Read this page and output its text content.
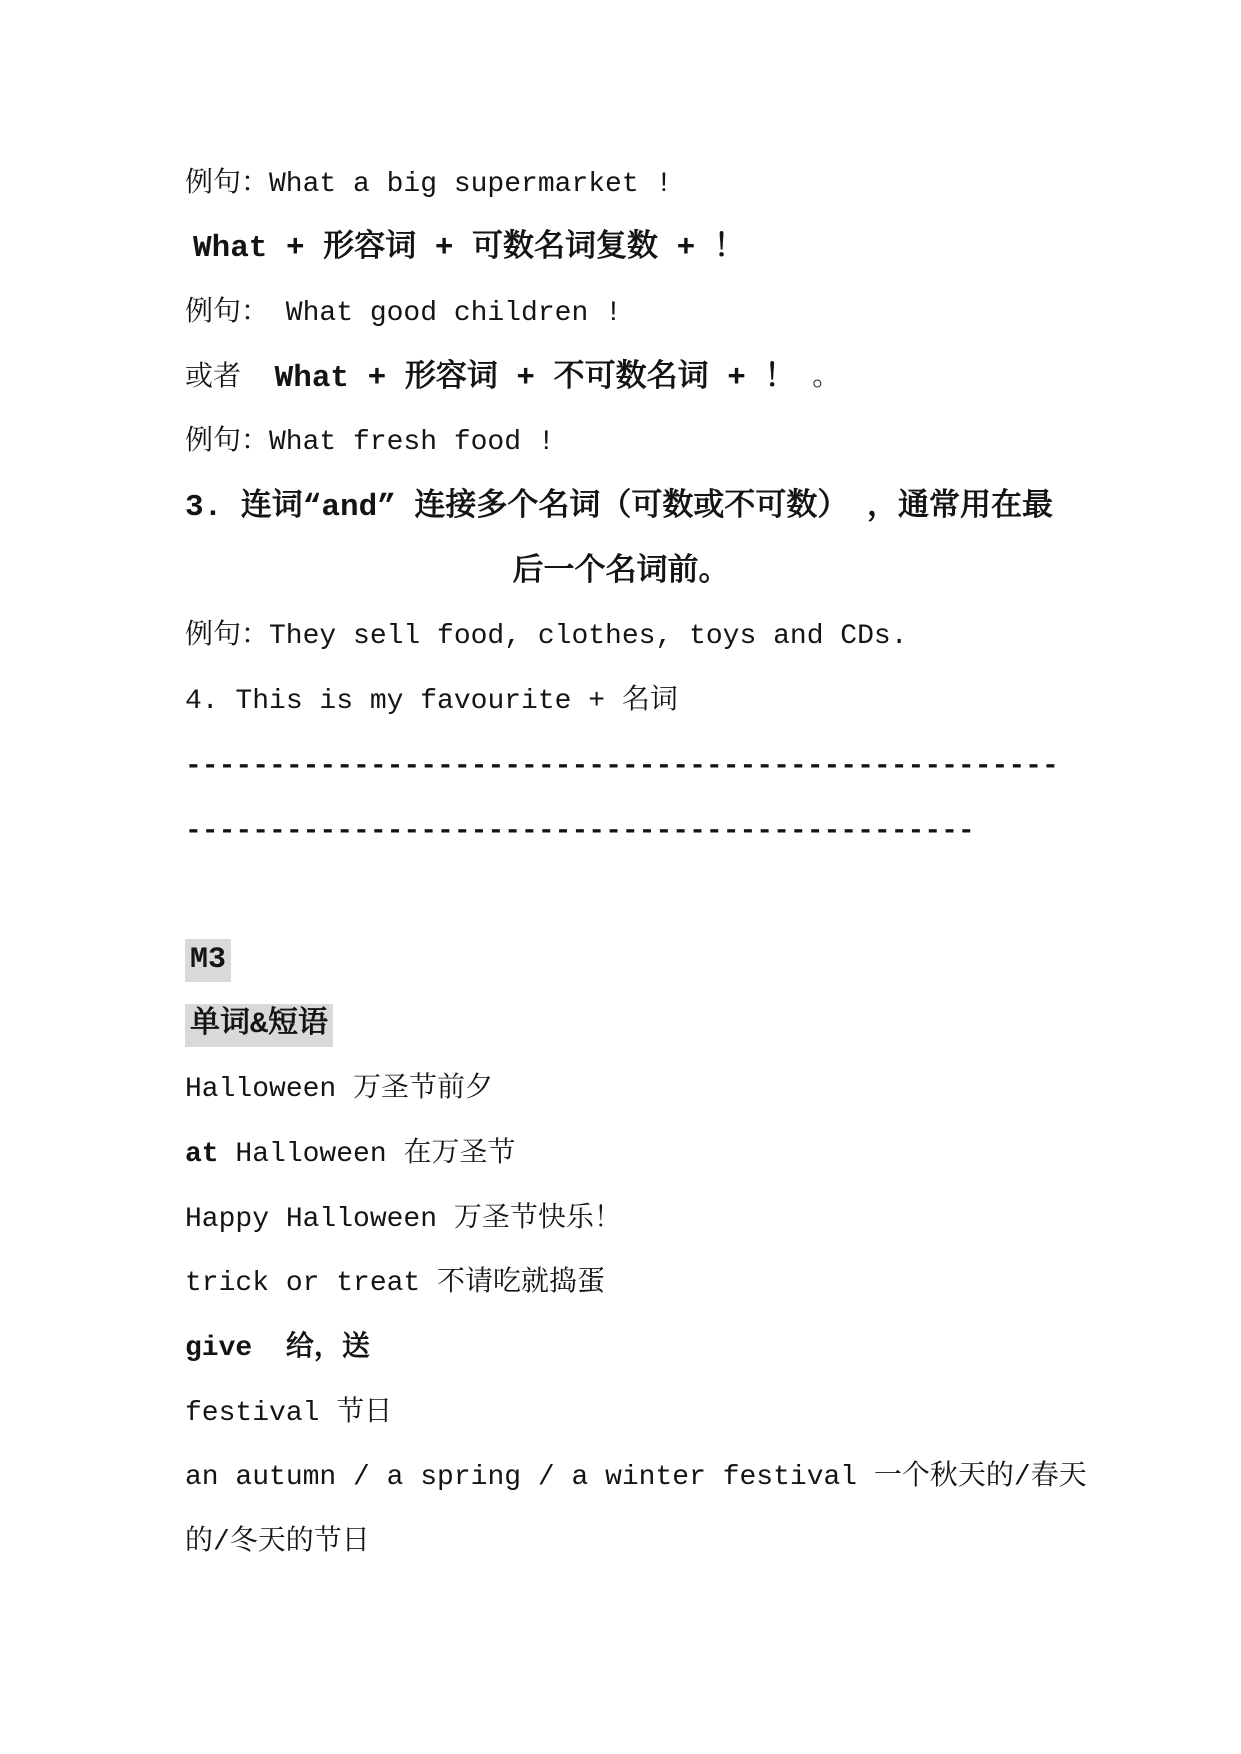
例句：What a big supermarket !
What + 形容词 + 可数名词复数 + ！
例句： What good children !
或者 What + 形容词 + 不可数名词 + ！ 。
例句：What fresh food !
3. 连词“and” 连接多个名词（可数或不可数） ，通常用在最
后一个名词前。
例句：They sell food, clothes, toys and CDs.
4. This is my favourite + 名词
----------------------------------------------------
-----------------------------------------------
M3
单词&短语
Halloween 万圣节前夕
at Halloween 在万圣节
Happy Halloween 万圣节快乐！
trick or treat 不请吃就捣蛋
give  给，送
festival 节日
an autumn / a spring / a winter festival 一个秋天的/春天
的/冬天的节日
